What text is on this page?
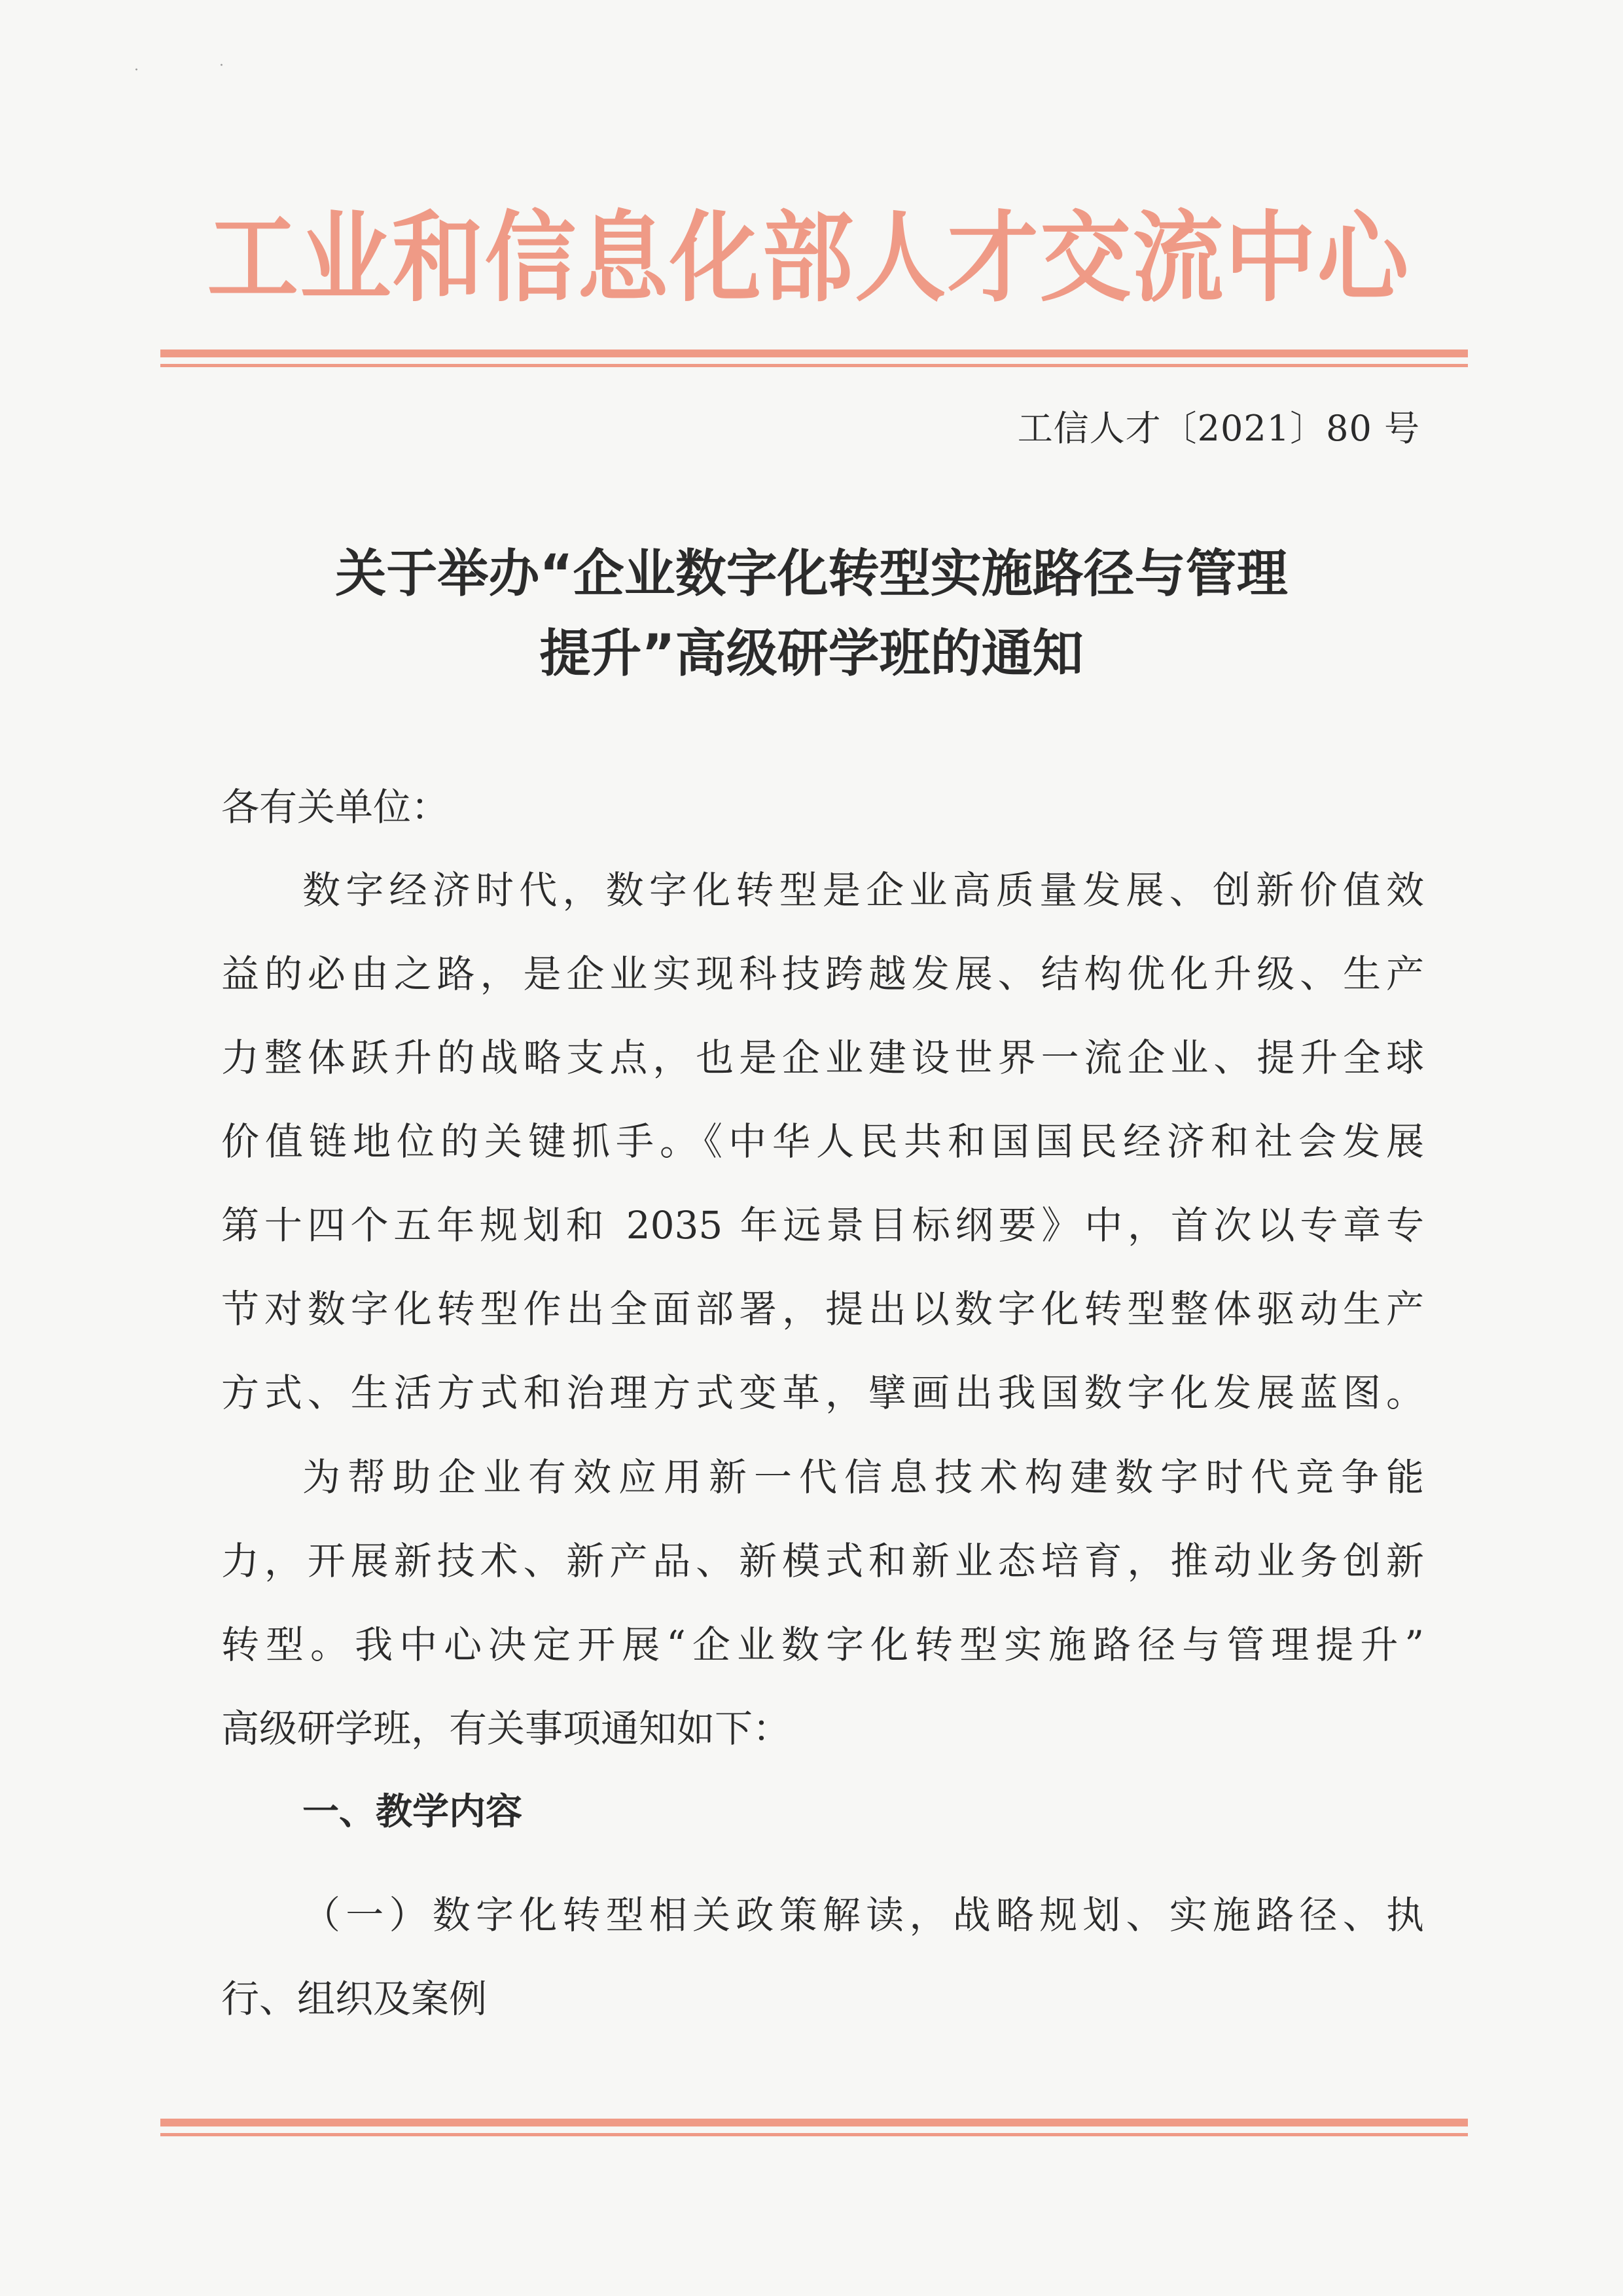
·	·
工业和信息化部人才交流中心
工信人才〔2021〕80 号
关于举办“企业数字化转型实施路径与管理
提升”高级研学班的通知
各有关单位：
数字经济时代，数字化转型是企业高质量发展、创新价值效
益的必由之路，是企业实现科技跨越发展、结构优化升级、生产
力整体跃升的战略支点，也是企业建设世界一流企业、提升全球
价值链地位的关键抓手。《中华人民共和国国民经济和社会发展
第十四个五年规划和 2035 年远景目标纲要》中，首次以专章专
节对数字化转型作出全面部署，提出以数字化转型整体驱动生产
方式、生活方式和治理方式变革，擘画出我国数字化发展蓝图。
为帮助企业有效应用新一代信息技术构建数字时代竞争能
力，开展新技术、新产品、新模式和新业态培育，推动业务创新
转型。我中心决定开展“企业数字化转型实施路径与管理提升”
高级研学班，有关事项通知如下：
一、教学内容
（一）数字化转型相关政策解读，战略规划、实施路径、执
行、组织及案例
